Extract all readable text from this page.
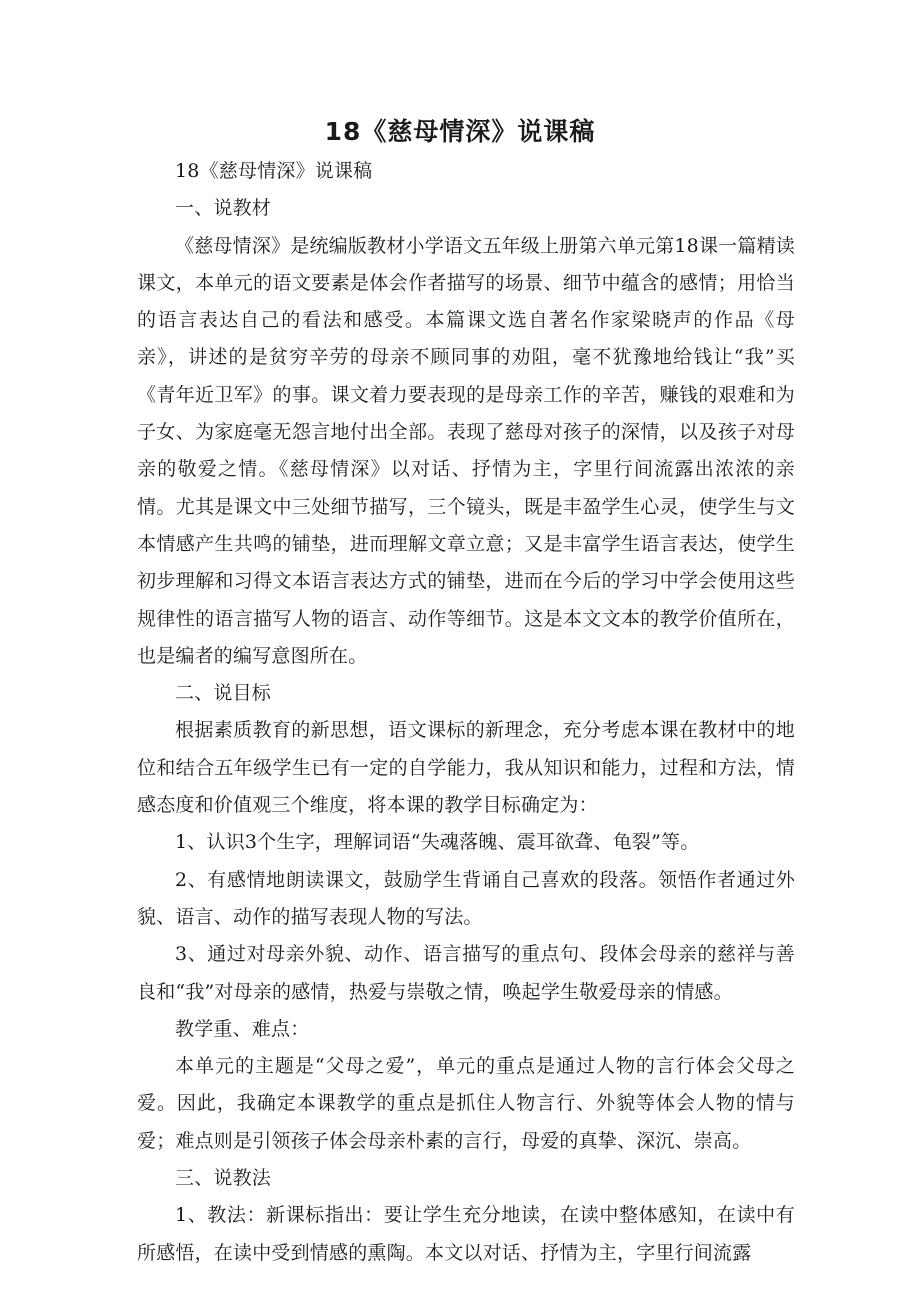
18《慈母情深》说课稿

18《慈母情深》说课稿

一、说教材

《慈母情深》是统编版教材小学语文五年级上册第六单元第18课一篇精读课文，本单元的语文要素是体会作者描写的场景、细节中蕴含的感情；用恰当的语言表达自己的看法和感受。本篇课文选自著名作家梁晓声的作品《母亲》，讲述的是贫穷辛劳的母亲不顾同事的劝阻，毫不犹豫地给钱让“我”买《青年近卫军》的事。课文着力要表现的是母亲工作的辛苦，赚钱的艰难和为子女、为家庭毫无怨言地付出全部。表现了慈母对孩子的深情，以及孩子对母亲的敬爱之情。《慈母情深》以对话、抒情为主，字里行间流露出浓浓的亲情。尤其是课文中三处细节描写，三个镜头，既是丰盈学生心灵，使学生与文本情感产生共鸣的铺垫，进而理解文章立意；又是丰富学生语言表达，使学生初步理解和习得文本语言表达方式的铺垫，进而在今后的学习中学会使用这些规律性的语言描写人物的语言、动作等细节。这是本文文本的教学价值所在，也是编者的编写意图所在。

二、说目标

根据素质教育的新思想，语文课标的新理念，充分考虑本课在教材中的地位和结合五年级学生已有一定的自学能力，我从知识和能力，过程和方法，情感态度和价值观三个维度，将本课的教学目标确定为：

1、认识3个生字，理解词语“失魂落魄、震耳欲聋、龟裂”等。

2、有感情地朗读课文，鼓励学生背诵自己喜欢的段落。领悟作者通过外貌、语言、动作的描写表现人物的写法。

3、通过对母亲外貌、动作、语言描写的重点句、段体会母亲的慈祥与善良和“我”对母亲的感情，热爱与崇敬之情，唤起学生敬爱母亲的情感。

教学重、难点：

本单元的主题是“父母之爱”，单元的重点是通过人物的言行体会父母之爱。因此，我确定本课教学的重点是抓住人物言行、外貌等体会人物的情与爱；难点则是引领孩子体会母亲朴素的言行，母爱的真挚、深沉、崇高。

三、说教法

1、教法：新课标指出：要让学生充分地读，在读中整体感知，在读中有所感悟，在读中受到情感的熏陶。本文以对话、抒情为主，字里行间流露
